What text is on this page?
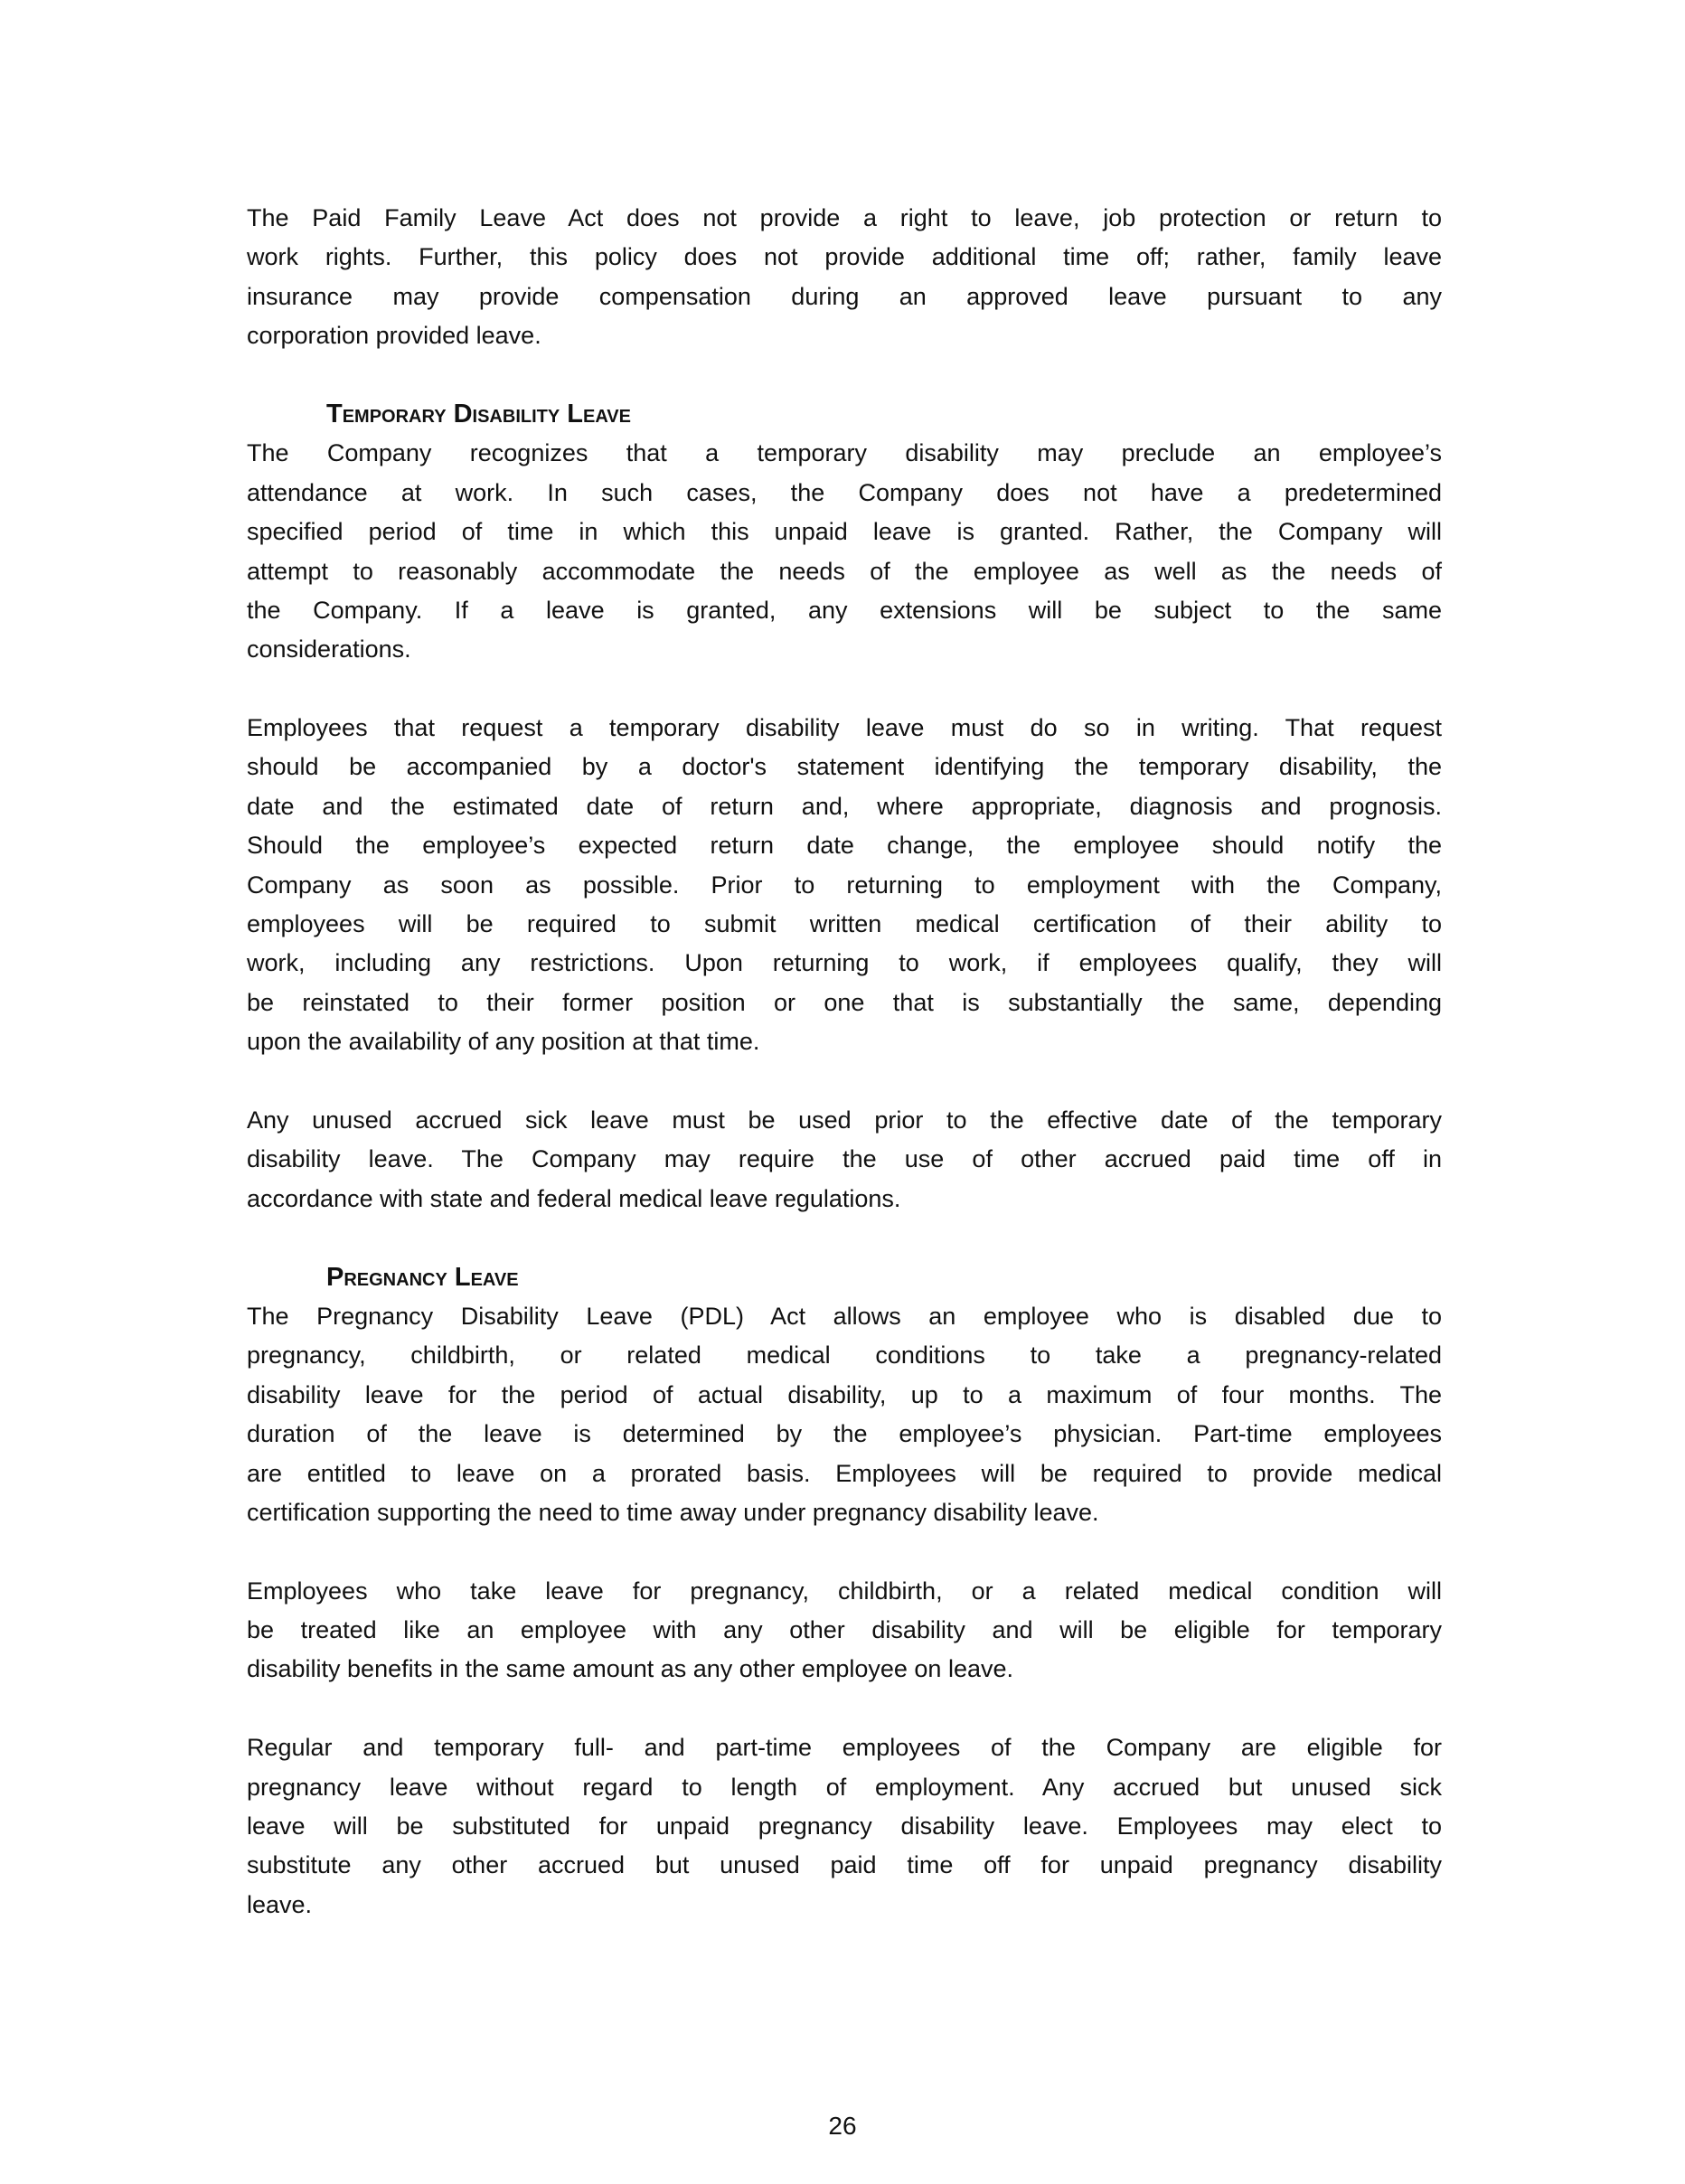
The Paid Family Leave Act does not provide a right to leave, job protection or return to
work rights. Further, this policy does not provide additional time off; rather, family leave
insurance may provide compensation during an approved leave pursuant to any
corporation provided leave.
Temporary Disability Leave
The Company recognizes that a temporary disability may preclude an employee’s
attendance at work. In such cases, the Company does not have a predetermined
specified period of time in which this unpaid leave is granted. Rather, the Company will
attempt to reasonably accommodate the needs of the employee as well as the needs of
the Company. If a leave is granted, any extensions will be subject to the same
considerations.
Employees that request a temporary disability leave must do so in writing. That request
should be accompanied by a doctor's statement identifying the temporary disability, the
date and the estimated date of return and, where appropriate, diagnosis and prognosis.
Should the employee’s expected return date change, the employee should notify the
Company as soon as possible. Prior to returning to employment with the Company,
employees will be required to submit written medical certification of their ability to
work, including any restrictions. Upon returning to work, if employees qualify, they will
be reinstated to their former position or one that is substantially the same, depending
upon the availability of any position at that time.
Any unused accrued sick leave must be used prior to the effective date of the temporary
disability leave. The Company may require the use of other accrued paid time off in
accordance with state and federal medical leave regulations.
Pregnancy Leave
The Pregnancy Disability Leave (PDL) Act allows an employee who is disabled due to
pregnancy, childbirth, or related medical conditions to take a pregnancy-related
disability leave for the period of actual disability, up to a maximum of four months. The
duration of the leave is determined by the employee’s physician. Part-time employees
are entitled to leave on a prorated basis. Employees will be required to provide medical
certification supporting the need to time away under pregnancy disability leave.
Employees who take leave for pregnancy, childbirth, or a related medical condition will
be treated like an employee with any other disability and will be eligible for temporary
disability benefits in the same amount as any other employee on leave.
Regular and temporary full- and part-time employees of the Company are eligible for
pregnancy leave without regard to length of employment. Any accrued but unused sick
leave will be substituted for unpaid pregnancy disability leave. Employees may elect to
substitute any other accrued but unused paid time off for unpaid pregnancy disability
leave.
26
